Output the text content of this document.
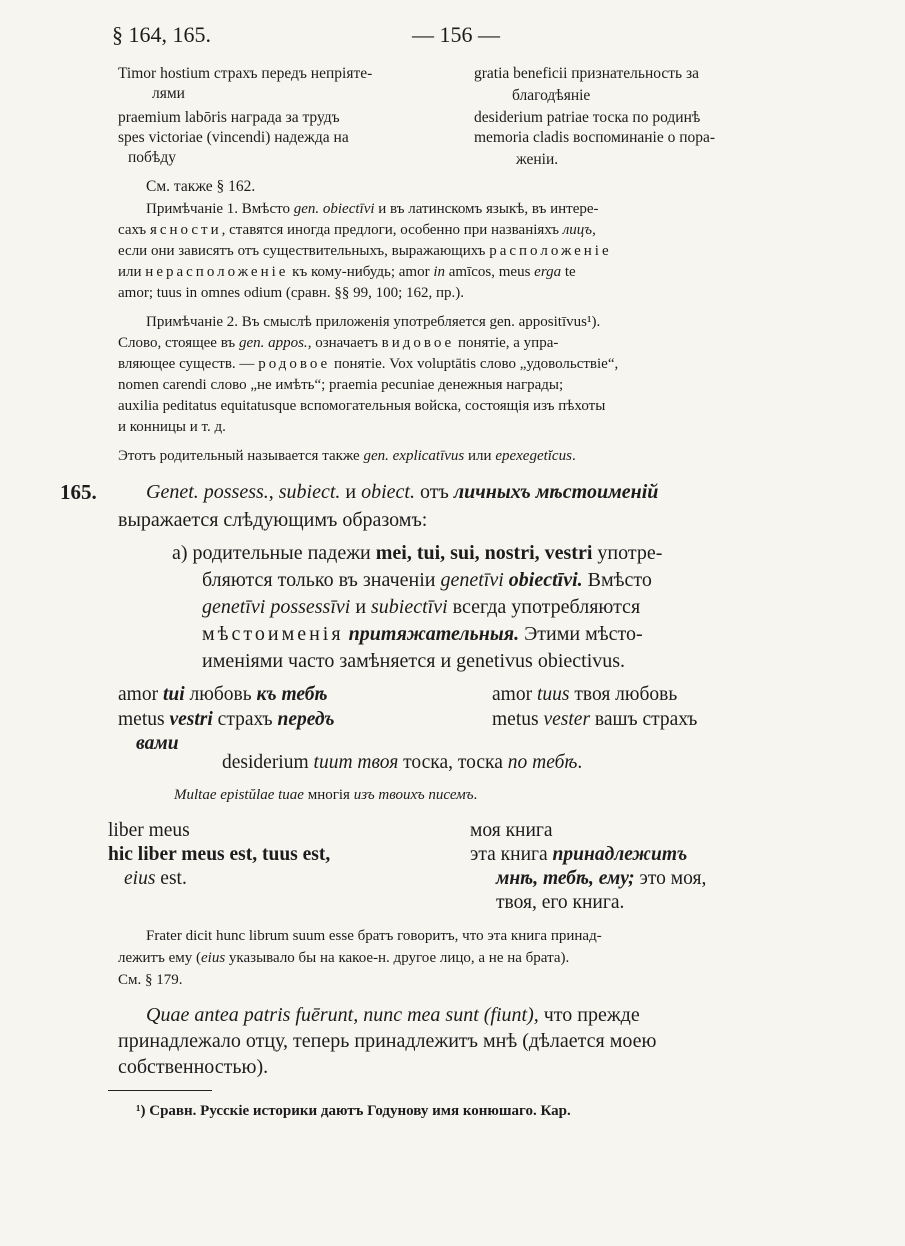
§ 164, 165.	— 156 —
Timor hostium страхъ передъ непріяте-
лями
praemium labōris награда за трудъ
spes victoriae (vincendi) надежда на
побѣду
gratia beneficii признательность за
благодѣяніе
desiderium patriae тоска по родинѣ
memoria cladis воспоминаніе о пора-
женіи.
См. также § 162.
Примѣчаніе 1. Вмѣсто gen. obiectīvi и въ латинскомъ языкѣ, въ интере-
сахъ ясности, ставятся иногда предлоги, особенно при названіяхъ лицъ,
если они зависятъ отъ существительныхъ, выражающихъ расположеніе
или нерасположеніе къ кому-нибудь; amor in amīcos, meus erga te
amor; tuus in omnes odium (сравн. §§ 99, 100; 162, пр.).
Примѣчаніе 2. Въ смыслѣ приложенія употребляется gen. appositīvus¹).
Слово, стоящее въ gen. appos., означаетъ видовое понятіе, а упра-
вляющее существ. — родовое понятіе. Vox voluptātis слово „удовольствіе“,
nomen carendi слово „не имѣть“; praemia pecuniae денежныя награды;
auxilia peditatus equitatusque вспомогательныя войска, состоящія изъ пѣхоты
и конницы и т. д.
Этотъ родительный называется также gen. explicatīvus или epexegetĭcus.
165. Genet. possess., subiect. и obiect. отъ личныхъ мѣстоименій
выражается слѣдующимъ образомъ:
a) родительные падежи mei, tui, sui, nostri, vestri употре-
бляются только въ значеніи genetīvi obiectīvi. Вмѣсто
genetīvi possessīvi и subiectīvi всегда употребляются
мѣстоименія притяжательныя. Этими мѣсто-
именіями часто замѣняется и genetivus obiectivus.
amor tui любовь къ тебѣ
metus vestri страхъ передъ
вами
amor tuus твоя любовь
metus vester вашъ страхъ
desiderium tuum твоя тоска, тоска по тебѣ.
Multae epistŭlae tuae многія изъ твоихъ писемъ.
liber meus
hic liber meus est, tuus est,
eius est.
моя книга
эта книга принадлежитъ
мнѣ, тебѣ, ему; это моя,
твоя, его книга.
Frater dicit hunc librum suum esse братъ говоритъ, что эта книга принад-
лежитъ ему (eius указывало бы на какое-н. другое лицо, а не на брата).
См. § 179.
Quae antea patris fuērunt, nunc mea sunt (fiunt), что прежде
принадлежало отцу, теперь принадлежитъ мнѣ (дѣлается моею
собственностью).
¹) Сравн. Русскіе историки даютъ Годунову имя конюшаго. Кар.
